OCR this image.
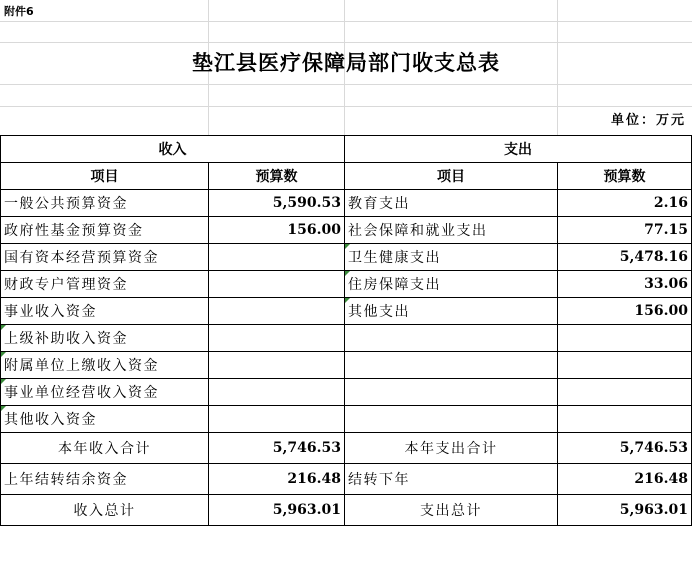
附件6
垫江县医疗保障局部门收支总表
单位：万元
收入		支出	
项目	预算数	项目	预算数
一般公共预算资金	5,590.53	教育支出	2.16
政府性基金预算资金	156.00	社会保障和就业支出	77.15
国有资本经营预算资金		卫生健康支出	5,478.16
财政专户管理资金		住房保障支出	33.06
事业收入资金		其他支出	156.00
上级补助收入资金			
附属单位上缴收入资金			
事业单位经营收入资金			
其他收入资金			
本年收入合计	5,746.53	本年支出合计	5,746.53
上年结转结余资金	216.48	结转下年	216.48
收入总计	5,963.01	支出总计	5,963.01
